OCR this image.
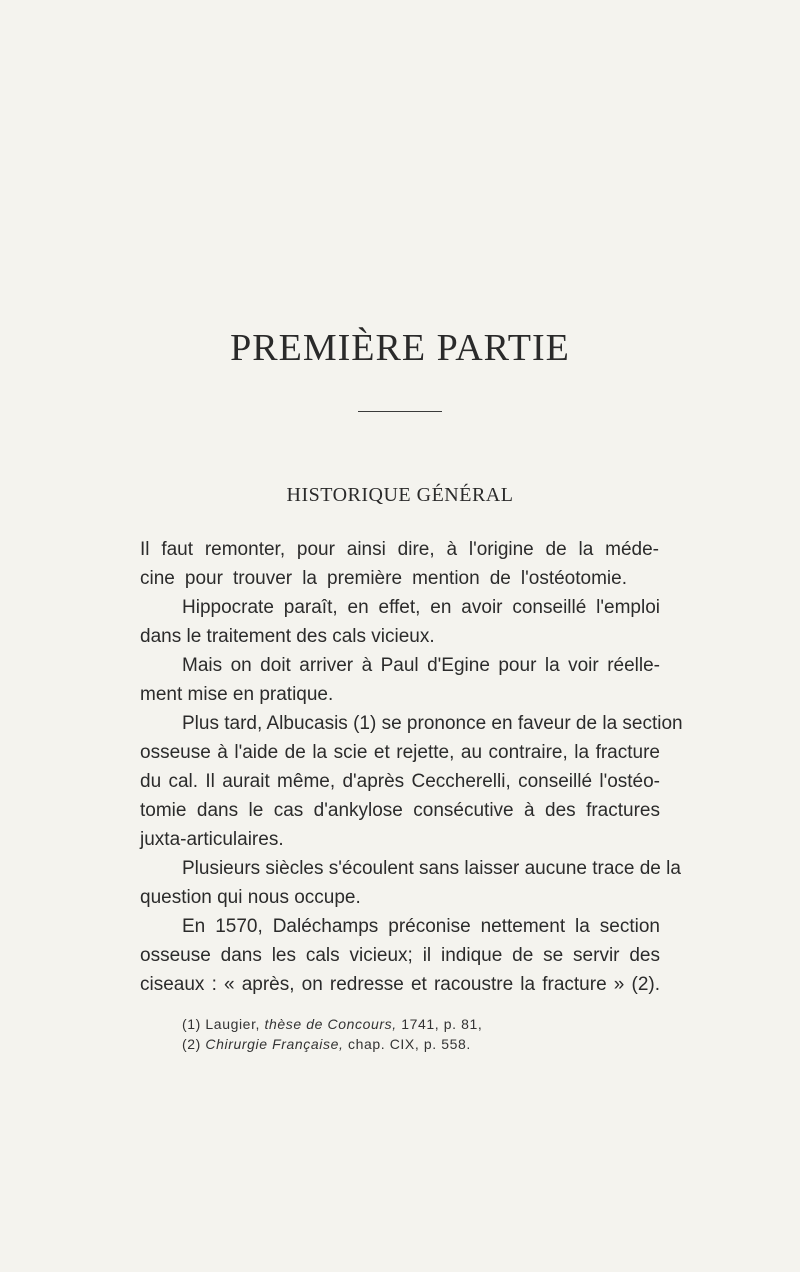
PREMIÈRE PARTIE
HISTORIQUE GÉNÉRAL
Il faut remonter, pour ainsi dire, à l'origine de la méde-
cine pour trouver la première mention de l'ostéotomie.
Hippocrate paraît, en effet, en avoir conseillé l'emploi
dans le traitement des cals vicieux.
Mais on doit arriver à Paul d'Egine pour la voir réelle-
ment mise en pratique.
Plus tard, Albucasis (1) se prononce en faveur de la section
osseuse à l'aide de la scie et rejette, au contraire, la fracture
du cal. Il aurait même, d'après Ceccherelli, conseillé l'ostéo-
tomie dans le cas d'ankylose consécutive à des fractures
juxta-articulaires.
Plusieurs siècles s'écoulent sans laisser aucune trace de la
question qui nous occupe.
En 1570, Daléchamps préconise nettement la section
osseuse dans les cals vicieux; il indique de se servir des
ciseaux : « après, on redresse et racoustre la fracture » (2).
(1) Laugier, thèse de Concours, 1741, p. 81,
(2) Chirurgie Française, chap. CIX, p. 558.
